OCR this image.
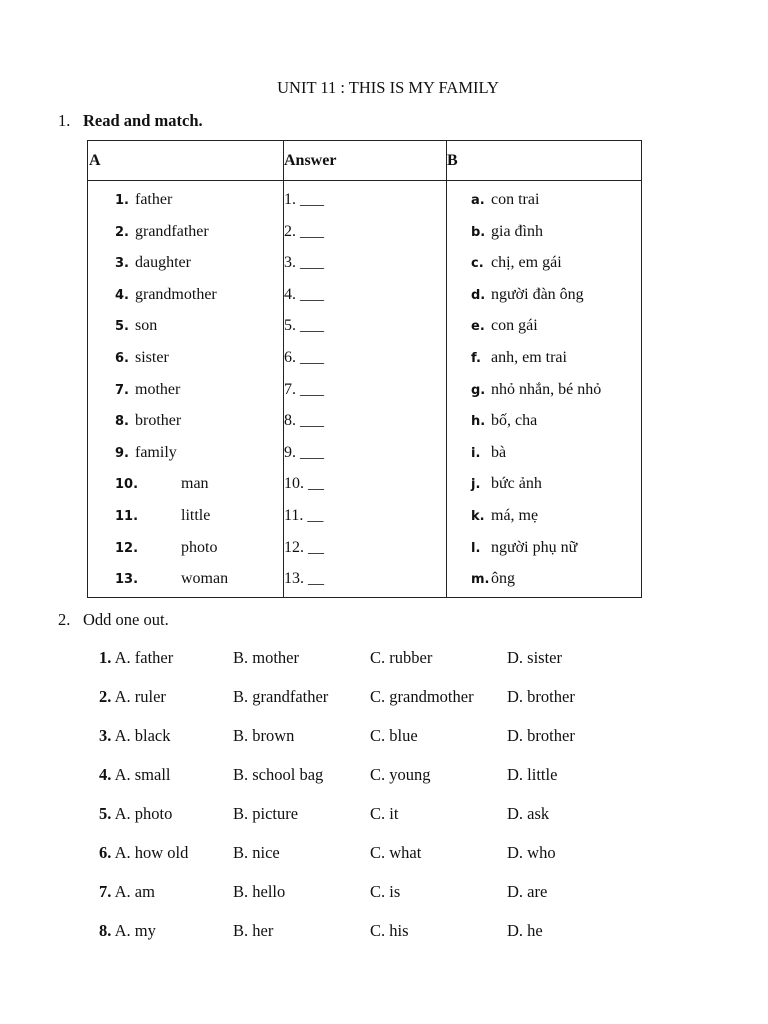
UNIT 11 : THIS IS MY FAMILY
1. Read and match.
A	Answer	B
1. father	1. ___	a. con trai
2. grandfather	2. ___	b. gia đình
3. daughter	3. ___	c. chị, em gái
4. grandmother	4. ___	d. người đàn ông
5. son	5. ___	e. con gái
6. sister	6. ___	f. anh, em trai
7. mother	7. ___	g. nhỏ nhắn, bé nhỏ
8. brother	8. ___	h. bố, cha
9. family	9. ___	i. bà
10.	man	10. __	j. bức ảnh
11.	little	11. __	k. má, mẹ
12.	photo	12. __	l. người phụ nữ
13.	woman	13. __	m. ông
2. Odd one out.
1. A. father	B. mother	C. rubber	D. sister
2. A. ruler	B. grandfather	C. grandmother D. brother
3. A. black	B. brown	C. blue	D. brother
4. A. small	B. school bag	C. young	D. little
5. A. photo	B. picture	C. it	D. ask
6. A. how old	B. nice	C. what	D. who
7. A. am	B. hello	C. is	D. are
8. A. my	B. her	C. his	D. he
